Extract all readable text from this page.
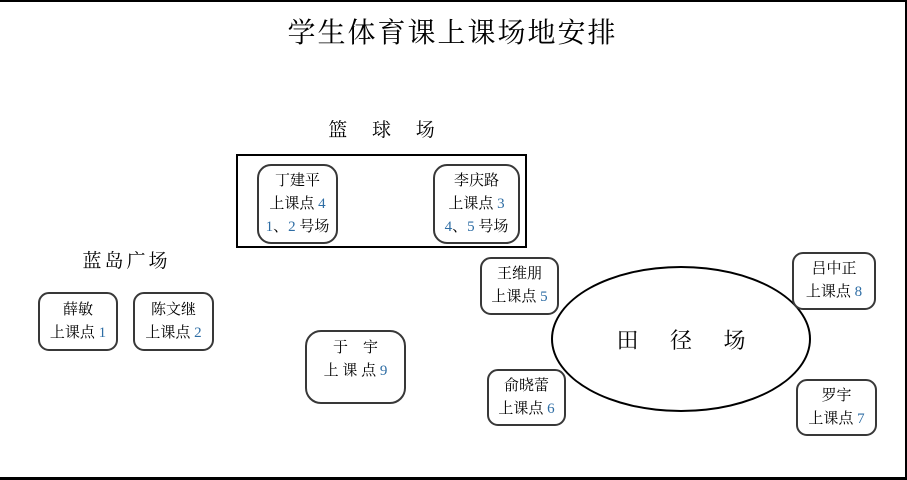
学生体育课上课场地安排
篮 球 场
丁建平
上课点 4
1、2 号场
李庆路
上课点 3
4、5 号场
蓝岛广场
薛敏
上课点 1
陈文继
上课点 2
于　宇
上 课 点 9
田 径 场
王维朋
上课点 5
吕中正
上课点 8
俞晓蕾
上课点 6
罗宇
上课点 7
